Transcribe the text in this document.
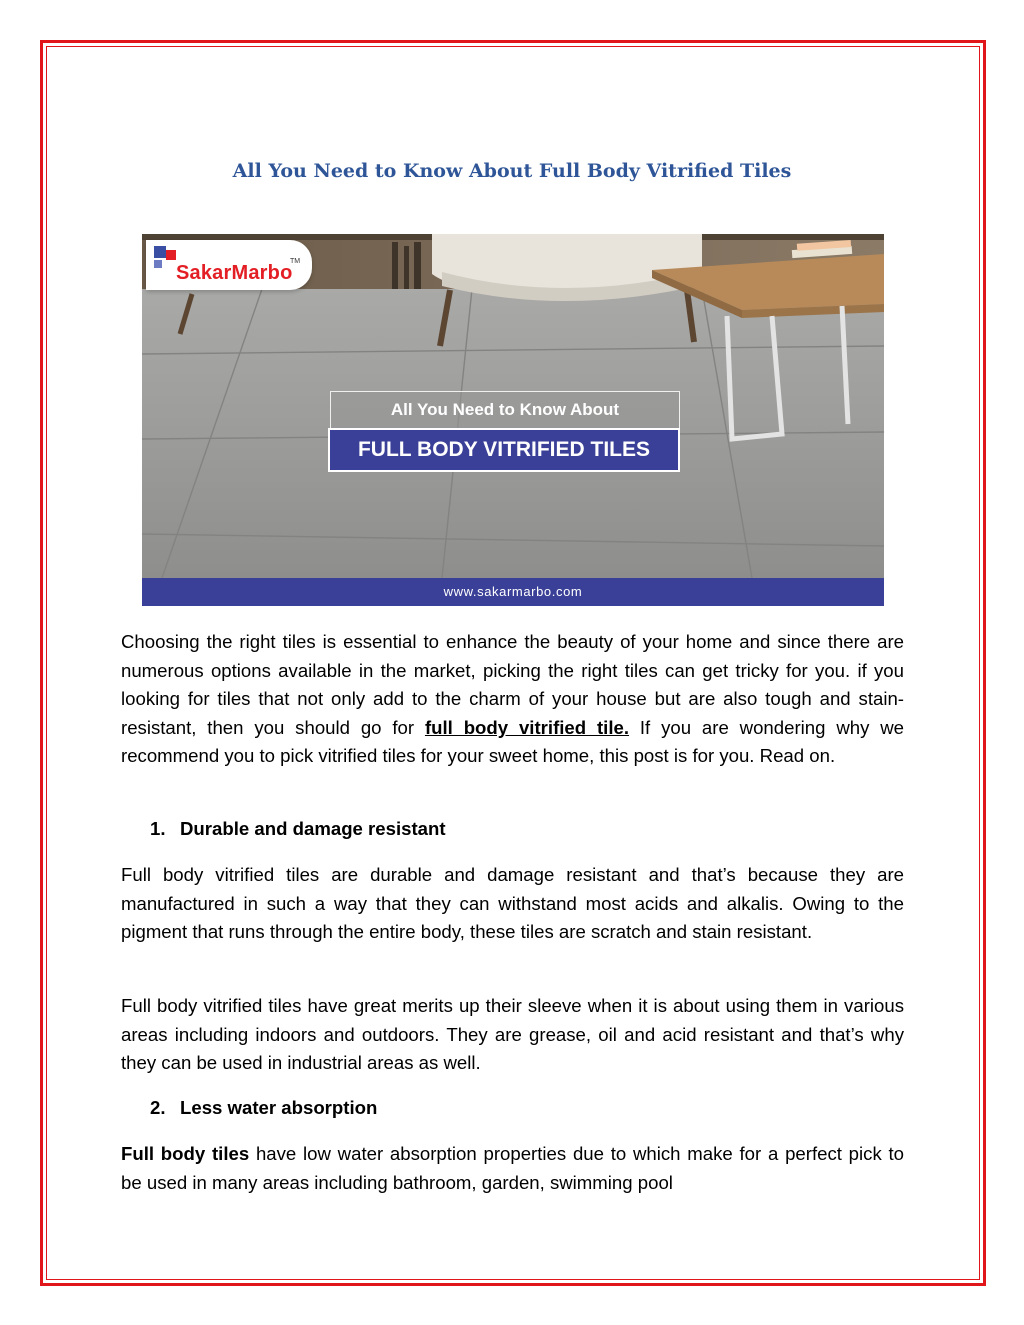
All You Need to Know About Full Body Vitrified Tiles
SakarMarbo
TM
All You Need to Know About
FULL BODY VITRIFIED TILES
www.sakarmarbo.com
Choosing the right tiles is essential to enhance the beauty of your home and since there are numerous options available in the market, picking the right tiles can get tricky for you. if you looking for tiles that not only add to the charm of your house but are also tough and stain-resistant, then you should go for full body vitrified tile. If you are wondering why we recommend you to pick vitrified tiles for your sweet home, this post is for you. Read on.
1. Durable and damage resistant
Full body vitrified tiles are durable and damage resistant and that’s because they are manufactured in such a way that they can withstand most acids and alkalis. Owing to the pigment that runs through the entire body, these tiles are scratch and stain resistant.
Full body vitrified tiles have great merits up their sleeve when it is about using them in various areas including indoors and outdoors. They are grease, oil and acid resistant and that’s why they can be used in industrial areas as well.
2. Less water absorption
Full body tiles have low water absorption properties due to which make for a perfect pick to be used in many areas including bathroom, garden, swimming pool
